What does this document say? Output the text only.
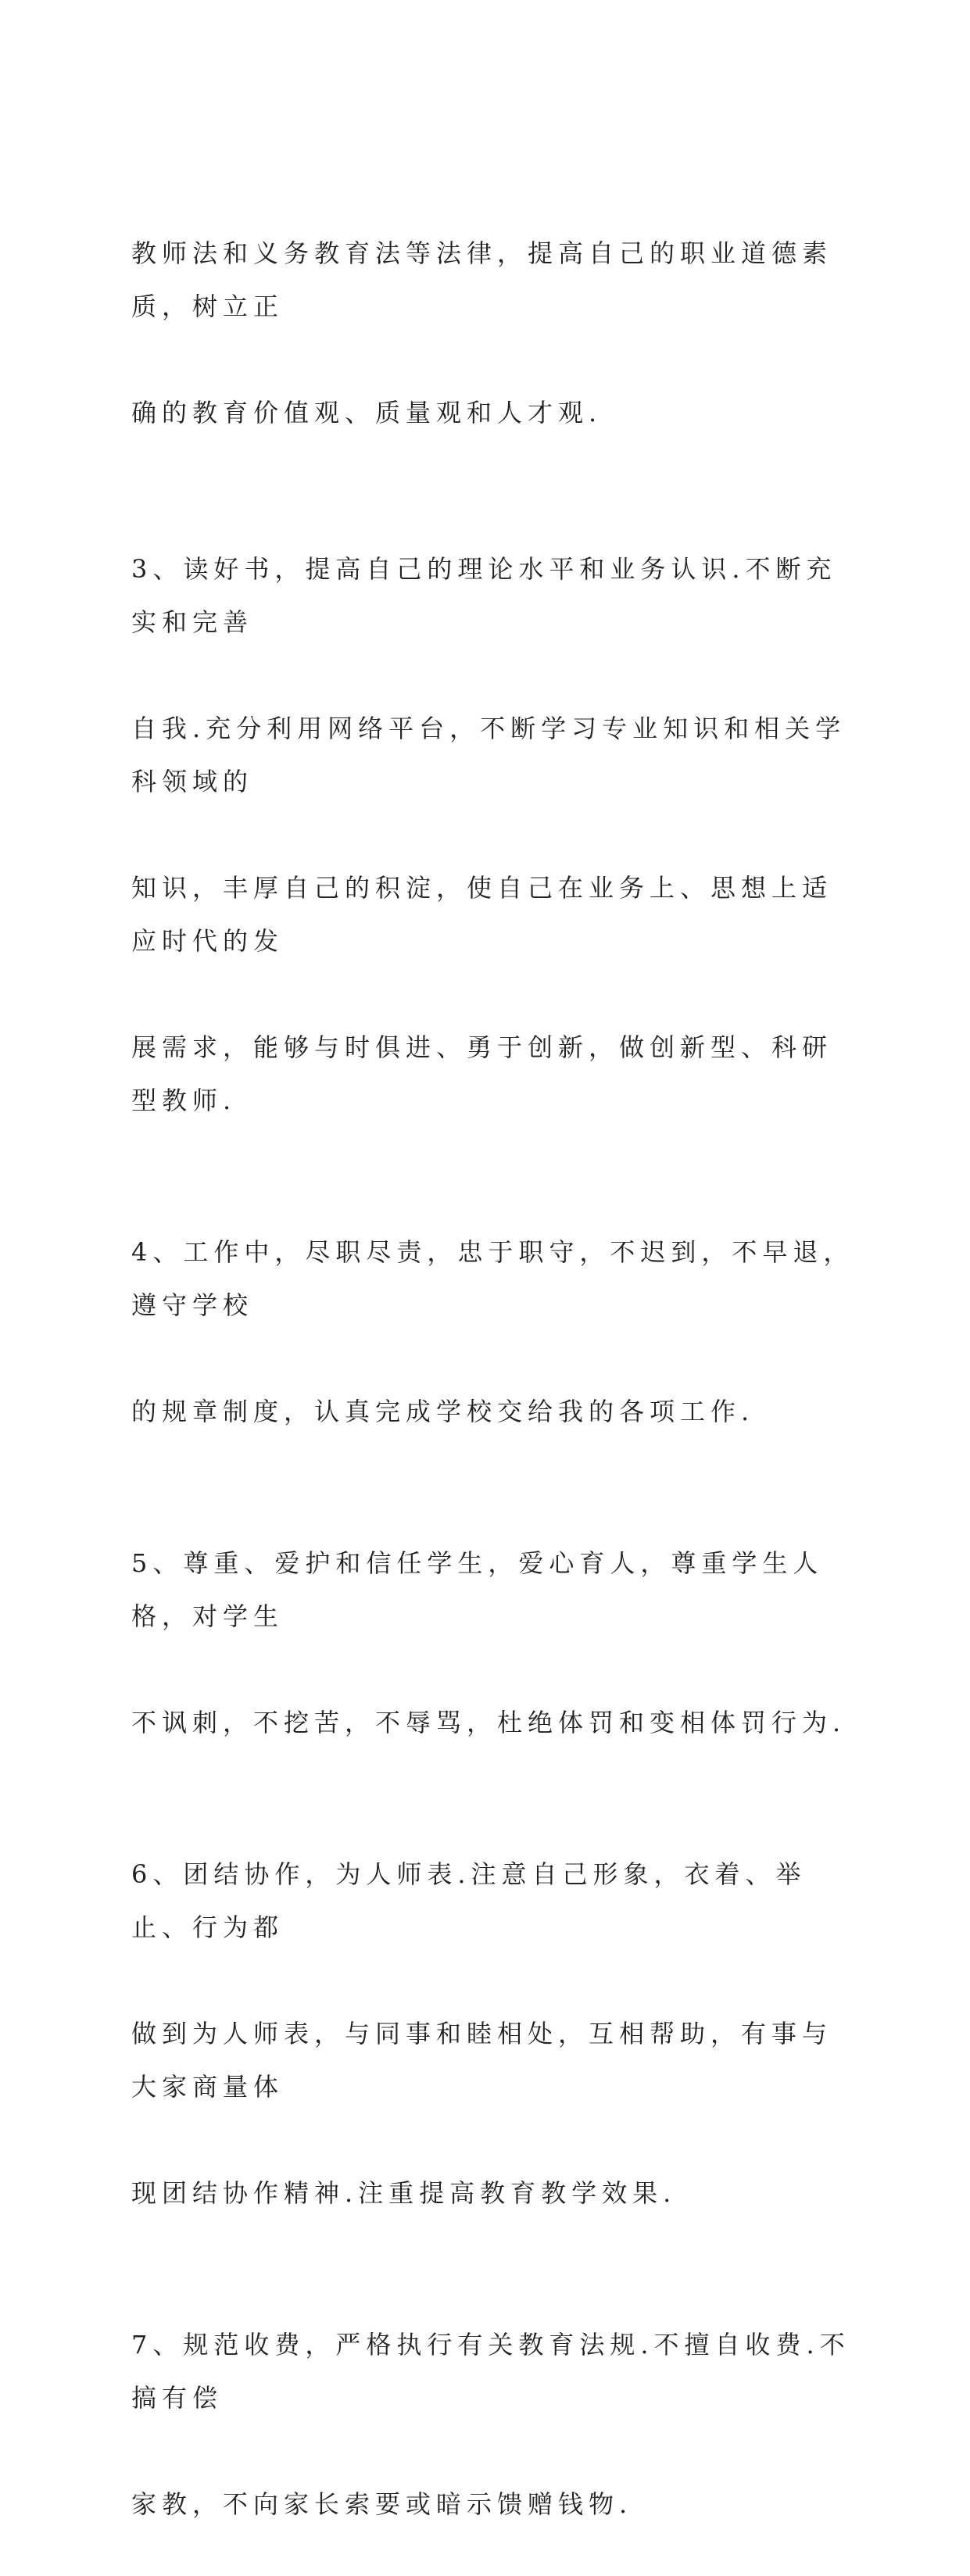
教师法和义务教育法等法律，提高自己的职业道德素质，树立正

确的教育价值观、质量观和人才观.

3、读好书，提高自己的理论水平和业务认识.不断充实和完善

自我.充分利用网络平台，不断学习专业知识和相关学科领域的

知识，丰厚自己的积淀，使自己在业务上、思想上适应时代的发

展需求，能够与时俱进、勇于创新，做创新型、科研型教师.

4、工作中，尽职尽责，忠于职守，不迟到，不早退，遵守学校

的规章制度，认真完成学校交给我的各项工作.

5、尊重、爱护和信任学生，爱心育人，尊重学生人格，对学生

不讽刺，不挖苦，不辱骂，杜绝体罚和变相体罚行为.

6、团结协作，为人师表.注意自己形象，衣着、举止、行为都

做到为人师表，与同事和睦相处，互相帮助，有事与大家商量体

现团结协作精神.注重提高教育教学效果.

7、规范收费，严格执行有关教育法规.不擅自收费.不搞有偿

家教，不向家长索要或暗示馈赠钱物.
